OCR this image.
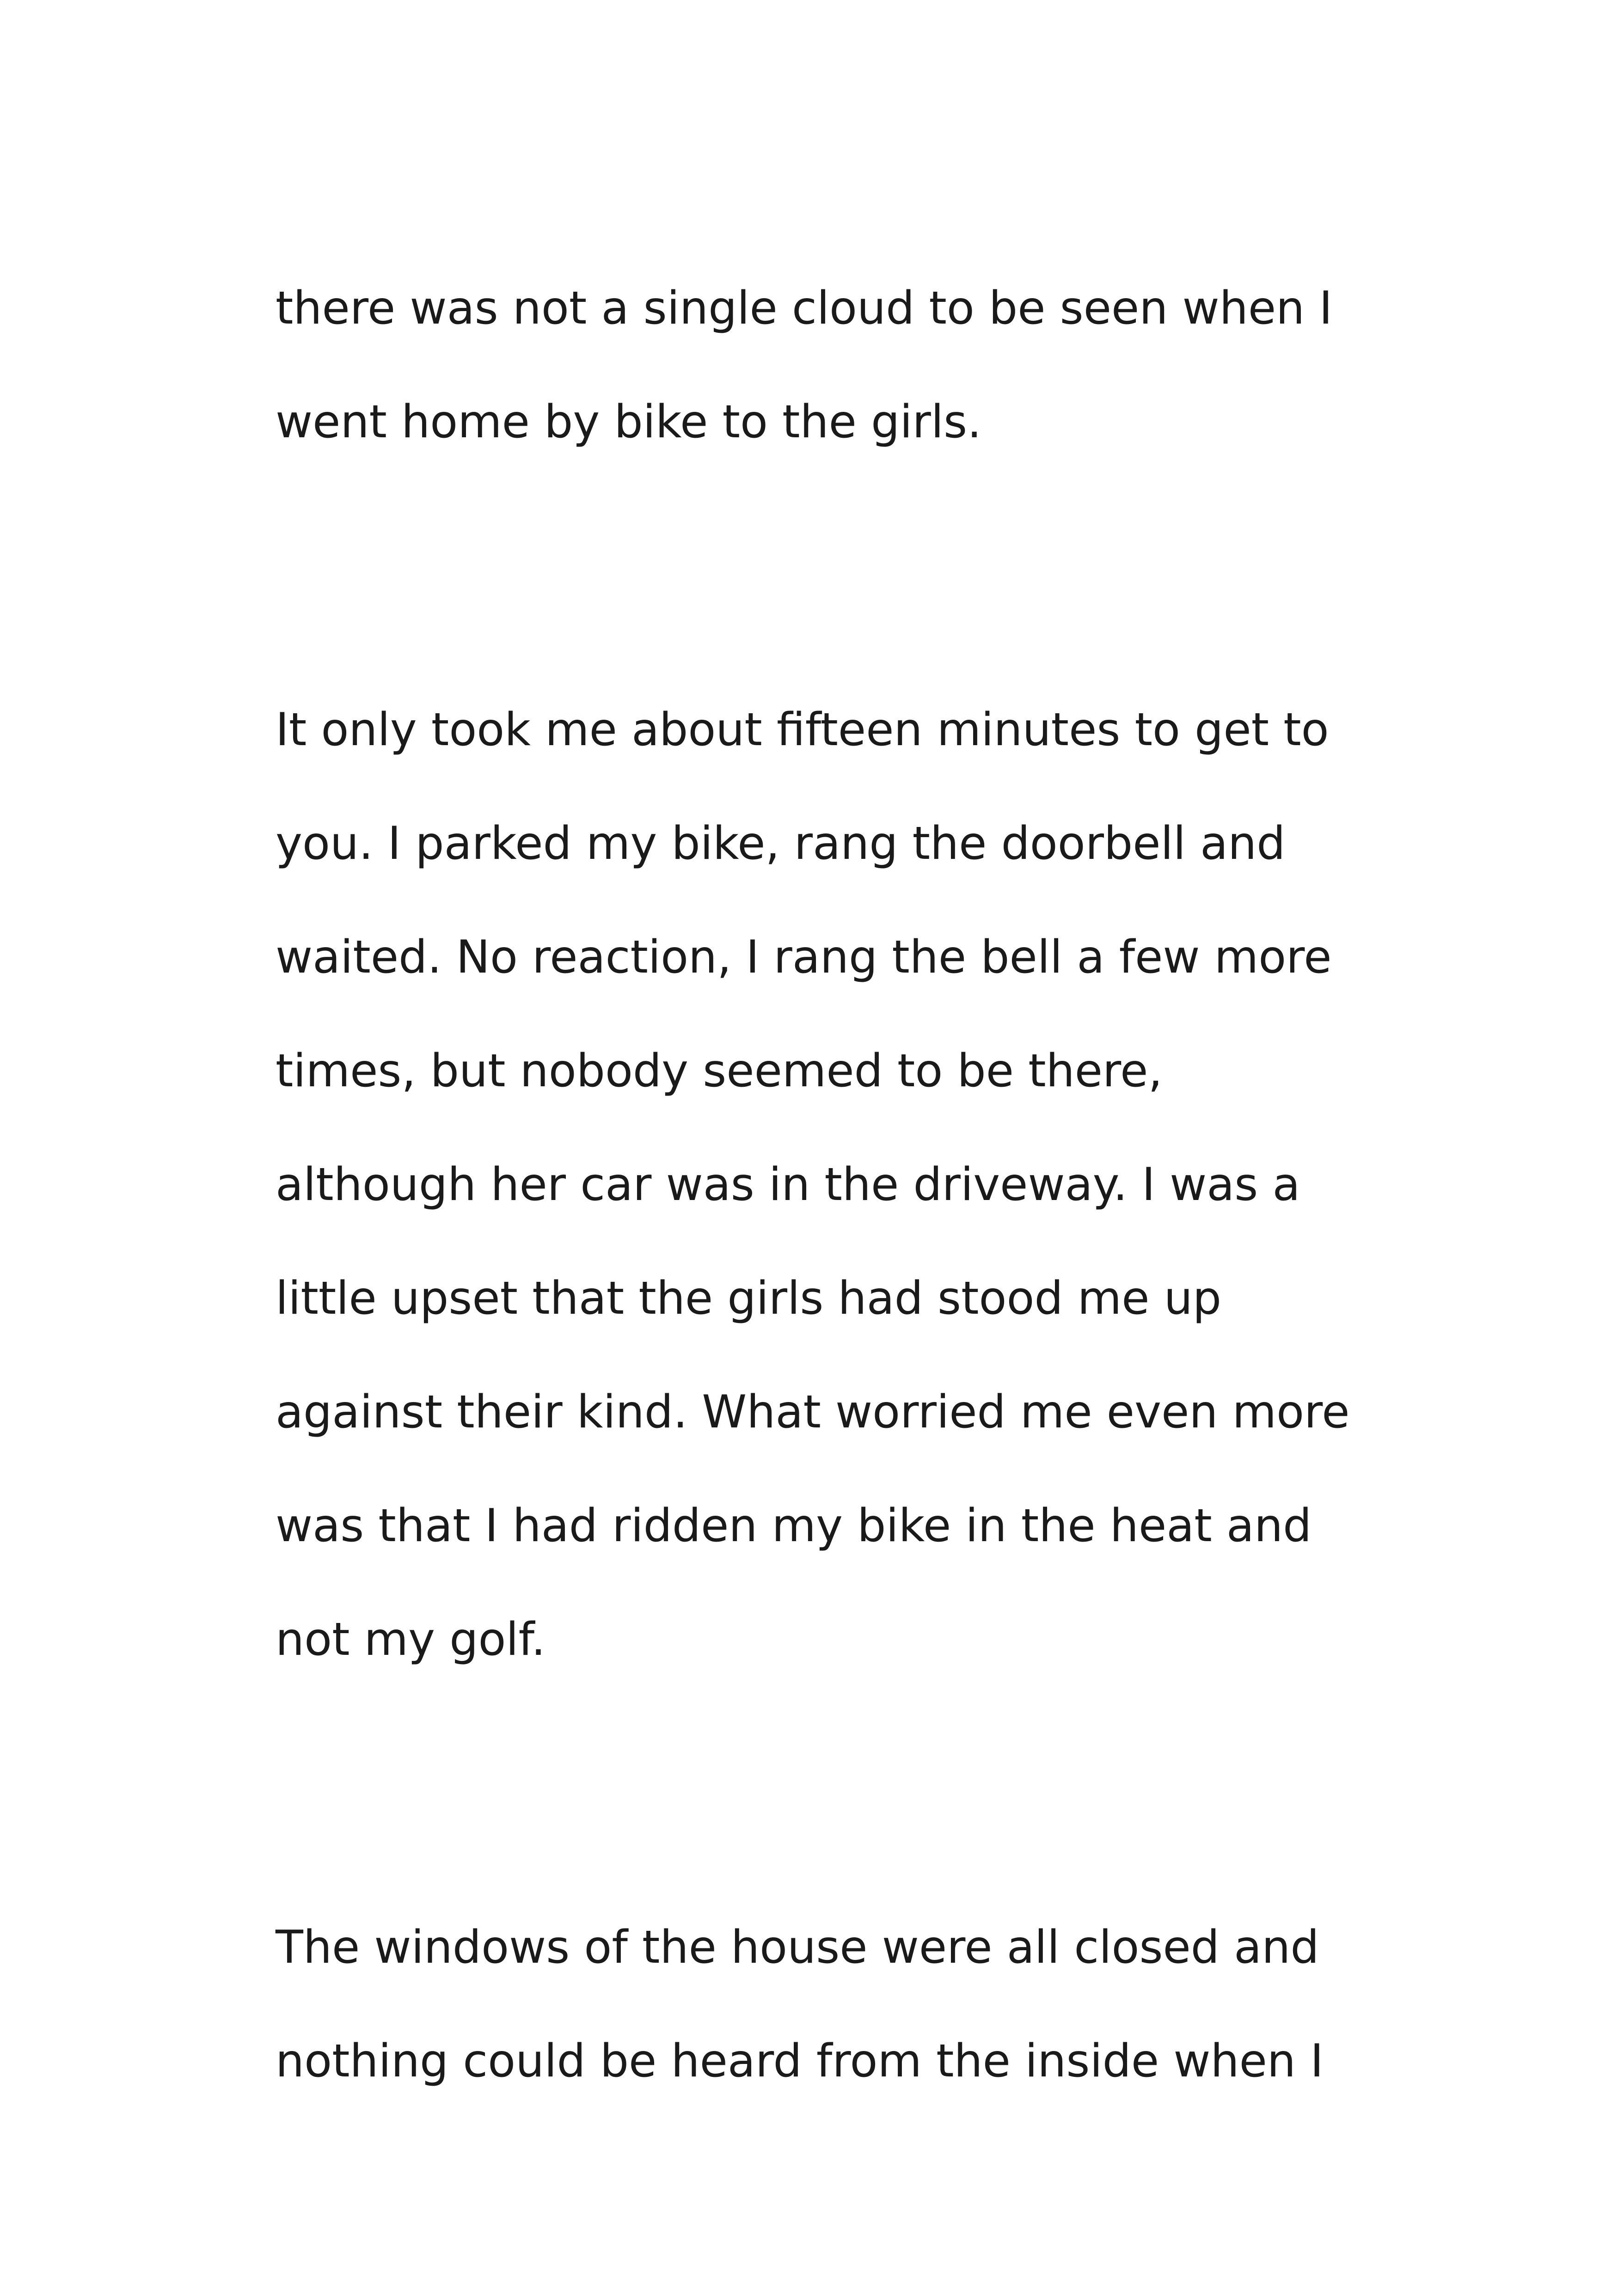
there was not a single cloud to be seen when I

went home by bike to the girls.

It only took me about fifteen minutes to get to

you. I parked my bike, rang the doorbell and

waited. No reaction, I rang the bell a few more

times, but nobody seemed to be there,

although her car was in the driveway. I was a

little upset that the girls had stood me up

against their kind. What worried me even more

was that I had ridden my bike in the heat and

not my golf.

The windows of the house were all closed and

nothing could be heard from the inside when I
